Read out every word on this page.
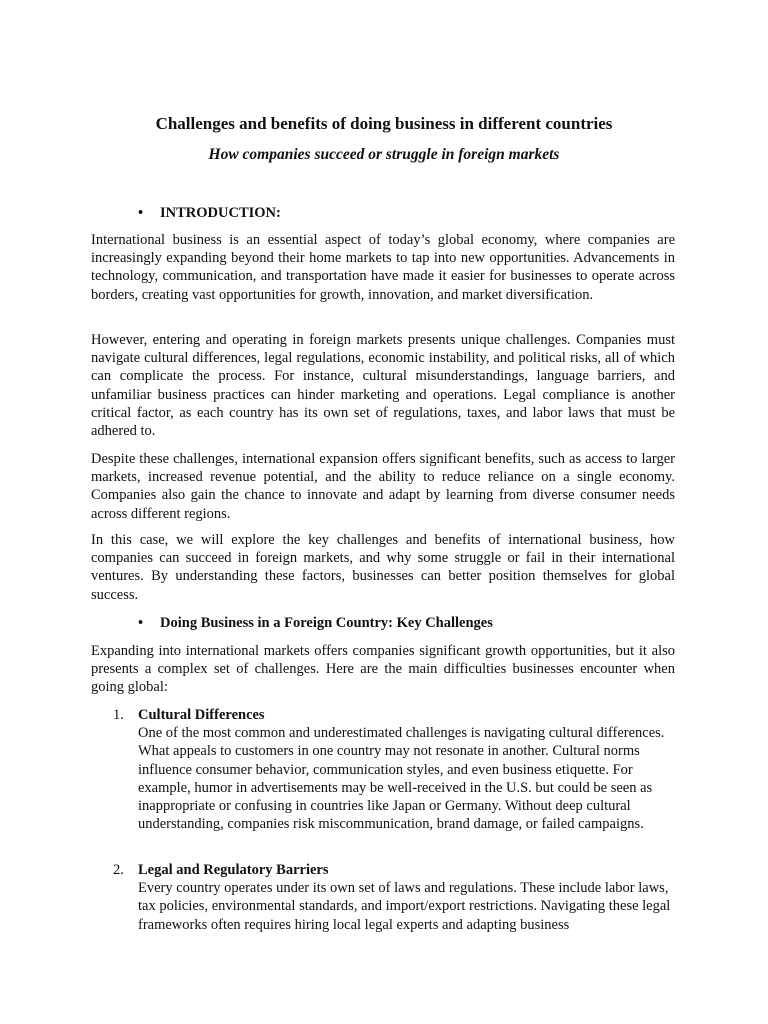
Challenges and benefits of doing business in different countries
How companies succeed or struggle in foreign markets
•	INTRODUCTION:
International business is an essential aspect of today’s global economy, where companies are increasingly expanding beyond their home markets to tap into new opportunities. Advancements in technology, communication, and transportation have made it easier for businesses to operate across borders, creating vast opportunities for growth, innovation, and market diversification.
However, entering and operating in foreign markets presents unique challenges. Companies must navigate cultural differences, legal regulations, economic instability, and political risks, all of which can complicate the process. For instance, cultural misunderstandings, language barriers, and unfamiliar business practices can hinder marketing and operations. Legal compliance is another critical factor, as each country has its own set of regulations, taxes, and labor laws that must be adhered to.
Despite these challenges, international expansion offers significant benefits, such as access to larger markets, increased revenue potential, and the ability to reduce reliance on a single economy. Companies also gain the chance to innovate and adapt by learning from diverse consumer needs across different regions.
In this case, we will explore the key challenges and benefits of international business, how companies can succeed in foreign markets, and why some struggle or fail in their international ventures. By understanding these factors, businesses can better position themselves for global success.
•	Doing Business in a Foreign Country: Key Challenges
Expanding into international markets offers companies significant growth opportunities, but it also presents a complex set of challenges. Here are the main difficulties businesses encounter when going global:
1. Cultural Differences
One of the most common and underestimated challenges is navigating cultural differences. What appeals to customers in one country may not resonate in another. Cultural norms influence consumer behavior, communication styles, and even business etiquette. For example, humor in advertisements may be well-received in the U.S. but could be seen as inappropriate or confusing in countries like Japan or Germany. Without deep cultural understanding, companies risk miscommunication, brand damage, or failed campaigns.
2. Legal and Regulatory Barriers
Every country operates under its own set of laws and regulations. These include labor laws, tax policies, environmental standards, and import/export restrictions. Navigating these legal frameworks often requires hiring local legal experts and adapting business
